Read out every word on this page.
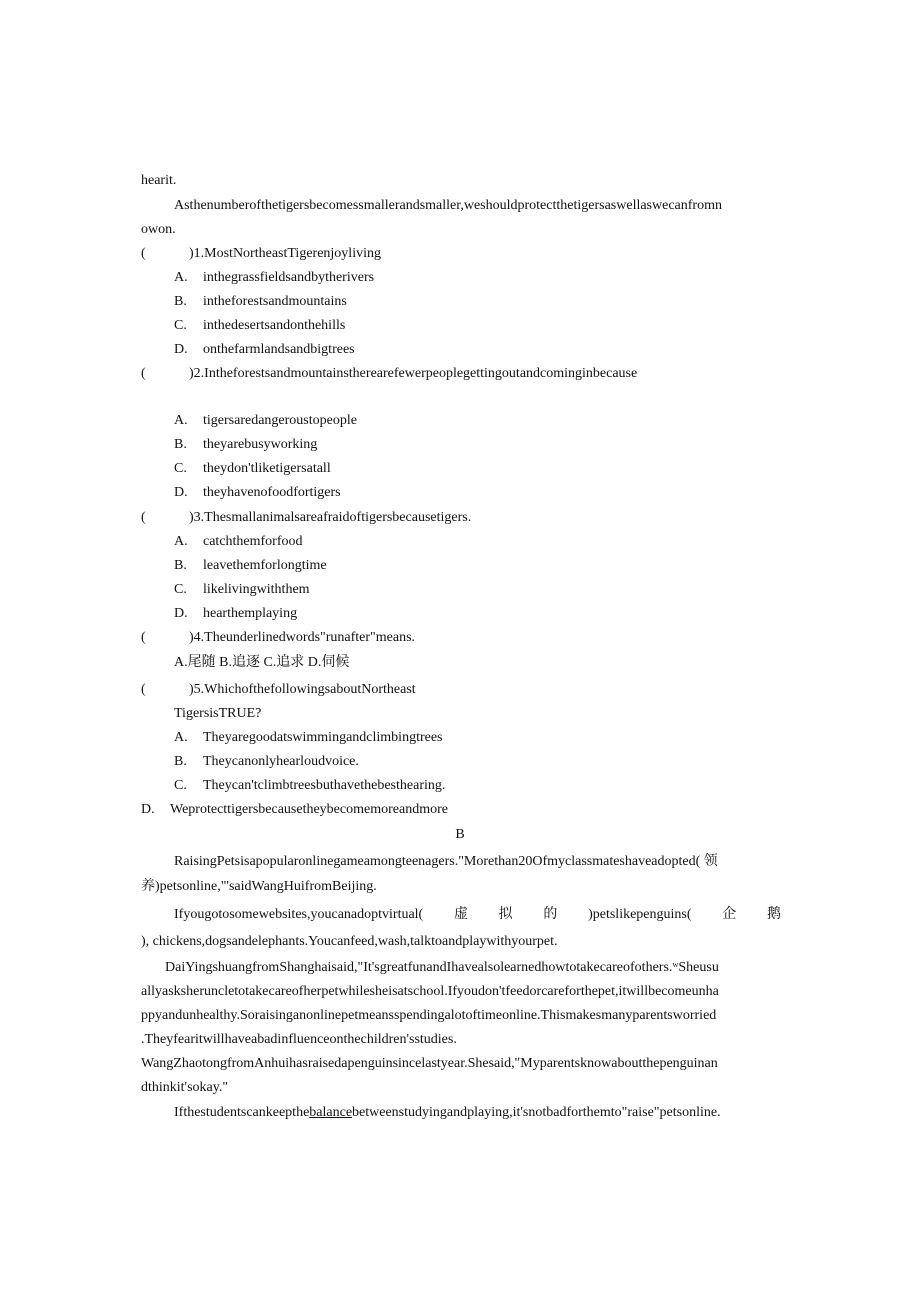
hearit.
Asthenumberofthetigersbecomessmallerandsmaller,weshouldprotectthetigersaswellaswecanfromn
owon.
(	)1.MostNortheastTigerenjoyliving
A. inthegrassfieldsandbytherivers
B. intheforestsandmountains
C. inthedesertsandonthehills
D. onthefarmlandsandbigtrees
(	)2.Intheforestsandmountainstherearefewerpeoplegettingoutandcominginbecause
A. tigersaredangeroustopeople
B. theyarebusyworking
C. theydon'tliketigersatall
D. theyhavenofoodfortigers
(	)3.Thesmallanimalsareafraidoftigersbecausetigers.
A. catchthemforfood
B. leavethemforlongtime
C. likelivingwiththem
D. hearthemplaying
(	)4.Theunderlinedwords"runafter"means.
A.尾随 B.追逐 C.追求 D.伺候
(	)5.WhichofthefollowingsaboutNortheast
TigersisTRUE?
A. Theyaregoodatswimmingandclimbingtrees
B. Theycanonlyhearloudvoice.
C. Theycan'tclimbtreesbuthavethebesthearing.
D. Weprotecttigersbecausetheybecomemoreandmore
B
RaisingPetsisapopularonlinegameamongteenagers."Morethan20Ofmyclassmateshaveadopted( 领
养)petsonline,"'saidWangHuifromBeijing.
Ifyougotosomewebsites,youcanadoptvirtual( 虚 拟 的 )petslikepenguins( 企 鹅
), chickens,dogsandelephants.Youcanfeed,wash,talktoandplaywithyourpet.
DaiYingshuangfromShanghaisaid,"It'sgreatfunandIhavealsolearnedhowtotakecareofothers.ʷSheusu
allyasksheruncletotakecareofherpetwhilesheisatschool.Ifyoudon'tfeedorcareforthepet,itwillbecomeunha
ppyandunhealthy.Soraisinganonlinepetmeansspendingalotoftimeonline.Thismakesmanyparentsworried
.Theyfearitwillhaveabadinfluenceonthechildren'sstudies.
WangZhaotongfromAnhuihasraisedapenguinsincelastyear.Shesaid,'ʹMyparentsknowaboutthepenguinan
dthinkit'sokay."
Ifthestudentscankeepthebalancebetweenstudyingandplaying,it'snotbadforthemto"raise"petsonline.
